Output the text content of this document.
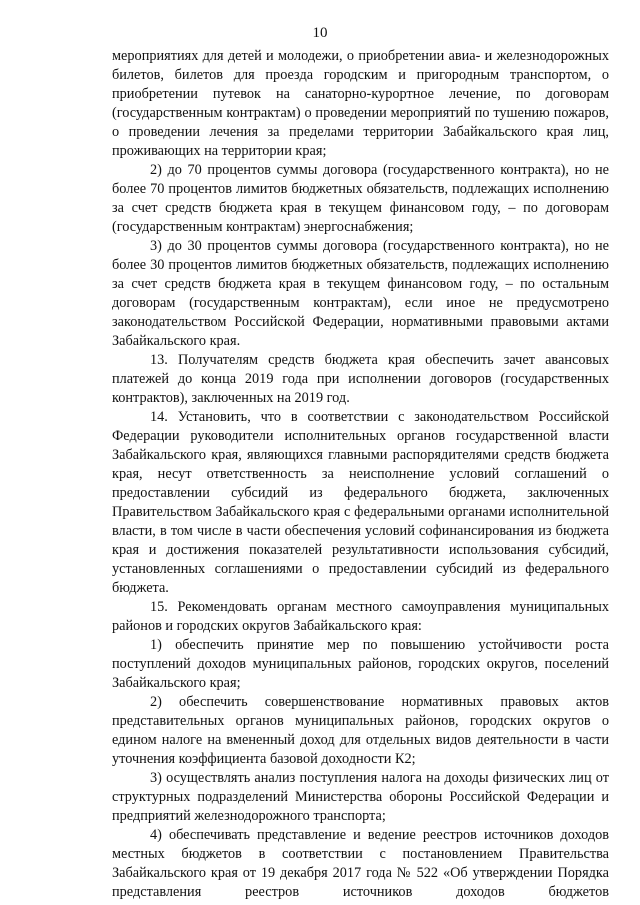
10

мероприятиях для детей и молодежи, о приобретении авиа- и железнодорожных билетов, билетов для проезда городским и пригородным транспортом, о приобретении путевок на санаторно-курортное лечение, по договорам (государственным контрактам) о проведении мероприятий по тушению пожаров, о проведении лечения за пределами территории Забайкальского края лиц, проживающих на территории края;

2) до 70 процентов суммы договора (государственного контракта), но не более 70 процентов лимитов бюджетных обязательств, подлежащих исполнению за счет средств бюджета края в текущем финансовом году, – по договорам (государственным контрактам) энергоснабжения;

3) до 30 процентов суммы договора (государственного контракта), но не более 30 процентов лимитов бюджетных обязательств, подлежащих исполнению за счет средств бюджета края в текущем финансовом году, – по остальным договорам (государственным контрактам), если иное не предусмотрено законодательством Российской Федерации, нормативными правовыми актами Забайкальского края.

13. Получателям средств бюджета края обеспечить зачет авансовых платежей до конца 2019 года при исполнении договоров (государственных контрактов), заключенных на 2019 год.

14. Установить, что в соответствии с законодательством Российской Федерации руководители исполнительных органов государственной власти Забайкальского края, являющихся главными распорядителями средств бюджета края, несут ответственность за неисполнение условий соглашений о предоставлении субсидий из федерального бюджета, заключенных Правительством Забайкальского края с федеральными органами исполнительной власти, в том числе в части обеспечения условий софинансирования из бюджета края и достижения показателей результативности использования субсидий, установленных соглашениями о предоставлении субсидий из федерального бюджета.

15. Рекомендовать органам местного самоуправления муниципальных районов и городских округов Забайкальского края:

1) обеспечить принятие мер по повышению устойчивости роста поступлений доходов муниципальных районов, городских округов, поселений Забайкальского края;

2) обеспечить совершенствование нормативных правовых актов представительных органов муниципальных районов, городских округов о едином налоге на вмененный доход для отдельных видов деятельности в части уточнения коэффициента базовой доходности К2;

3) осуществлять анализ поступления налога на доходы физических лиц от структурных подразделений Министерства обороны Российской Федерации и предприятий железнодорожного транспорта;

4) обеспечивать представление и ведение реестров источников доходов местных бюджетов в соответствии с постановлением Правительства Забайкальского края от 19 декабря 2017 года № 522 «Об утверждении Порядка представления реестров источников доходов бюджетов
